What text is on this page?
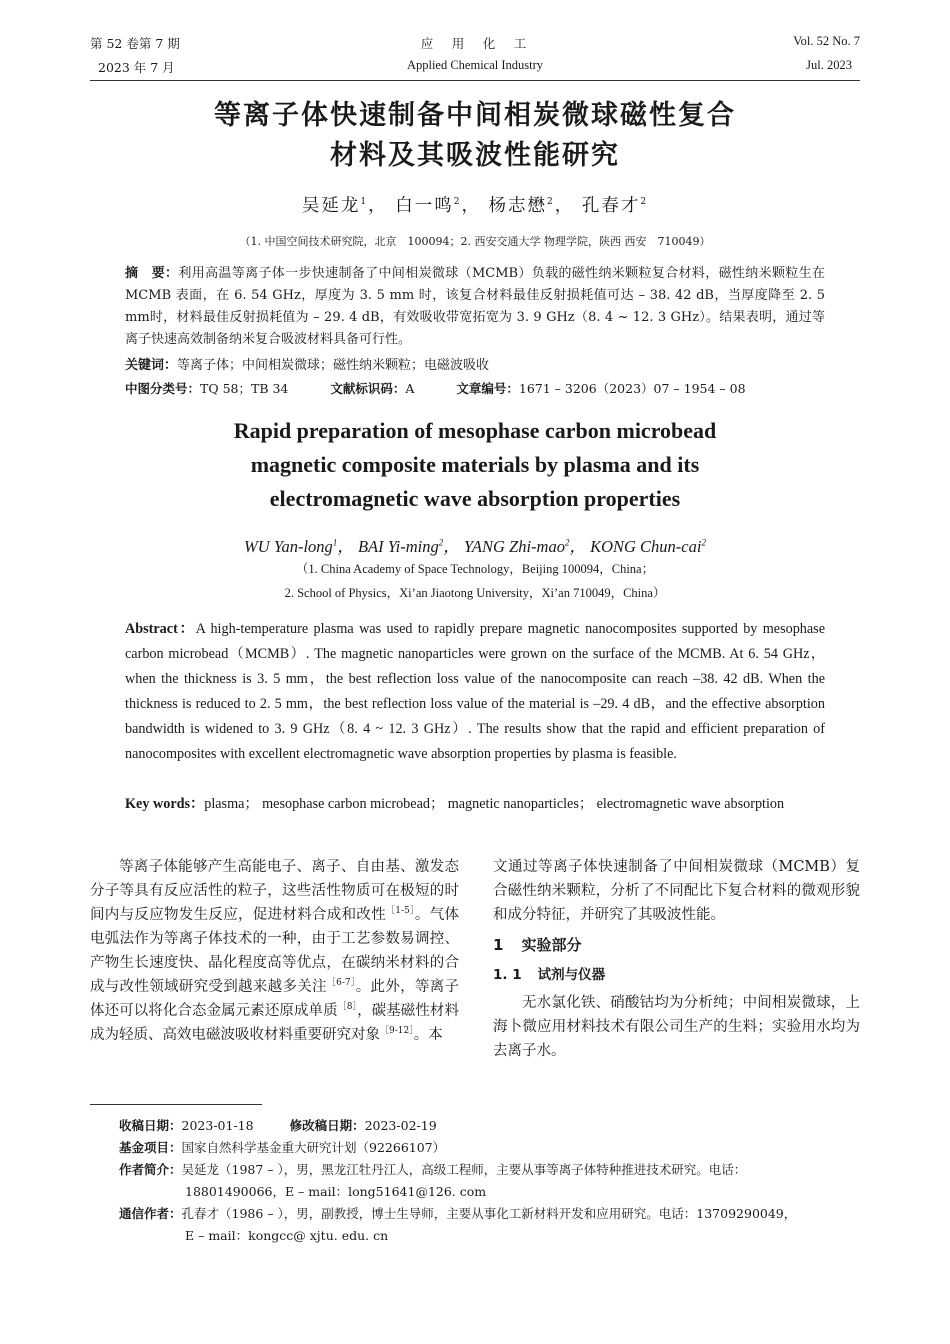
第 52 卷第 7 期
2023 年 7 月
应　用　化　工
Applied Chemical Industry
Vol. 52 No. 7
Jul. 2023
等离子体快速制备中间相炭微球磁性复合
材料及其吸波性能研究
吴延龙$^1$， 白一鸣$^2$， 杨志懋$^2$， 孔春才$^2$
（1. 中国空间技术研究院，北京　100094；2. 西安交通大学 物理学院，陕西 西安　710049）
摘　要：利用高温等离子体一步快速制备了中间相炭微球（MCMB）负载的磁性纳米颗粒复合材料，磁性纳米颗粒生在 MCMB 表面，在 6. 54 GHz，厚度为 3. 5 mm 时，该复合材料最佳反射损耗值可达 – 38. 42 dB，当厚度降至 2. 5 mm时，材料最佳反射损耗值为 – 29. 4 dB，有效吸收带宽拓宽为 3. 9 GHz（8. 4 ~ 12. 3 GHz）。结果表明，通过等离子快速高效制备纳米复合吸波材料具备可行性。
关键词：等离子体；中间相炭微球；磁性纳米颗粒；电磁波吸收
中图分类号：TQ 58；TB 34	文献标识码：A	文章编号：1671 – 3206（2023）07 – 1954 – 08
Rapid preparation of mesophase carbon microbead
magnetic composite materials by plasma and its
electromagnetic wave absorption properties
WU Yan-long$^1$， BAI Yi-ming$^2$， YANG Zhi-mao$^2$， KONG Chun-cai$^2$
（1. China Academy of Space Technology，Beijing 100094，China；
2. School of Physics，Xi’an Jiaotong University，Xi’an 710049，China）
Abstract：A high-temperature plasma was used to rapidly prepare magnetic nanocomposites supported by mesophase carbon microbead（MCMB）. The magnetic nanoparticles were grown on the surface of the MCMB. At 6. 54 GHz，when the thickness is 3. 5 mm，the best reflection loss value of the nanocomposite can reach –38. 42 dB. When the thickness is reduced to 2. 5 mm，the best reflection loss value of the material is –29. 4 dB，and the effective absorption bandwidth is widened to 3. 9 GHz（8. 4 ~ 12. 3 GHz）. The results show that the rapid and efficient preparation of nanocomposites with excellent electromagnetic wave absorption properties by plasma is feasible.
Key words：plasma； mesophase carbon microbead； magnetic nanoparticles； electromagnetic wave absorption

等离子体能够产生高能电子、离子、自由基、激发态分子等具有反应活性的粒子，这些活性物质可在极短的时间内与反应物发生反应，促进材料合成和改性$^{[1-5]}$。气体电弧法作为等离子体技术的一种，由于工艺参数易调控、产物生长速度快、晶化程度高等优点，在碳纳米材料的合成与改性领域研究受到越来越多关注$^{[6-7]}$。此外，等离子体还可以将化合态金属元素还原成单质$^{[8]}$，碳基磁性材料成为轻质、高效电磁波吸收材料重要研究对象$^{[9-12]}$。本

文通过等离子体快速制备了中间相炭微球（MCMB）复合磁性纳米颗粒，分析了不同配比下复合材料的微观形貌和成分特征，并研究了其吸波性能。
1 实验部分
1. 1 试剂与仪器

无水氯化铁、硝酸钴均为分析纯；中间相炭微球，上海卜微应用材料技术有限公司生产的生料；实验用水均为去离子水。

收稿日期：2023-01-18	修改稿日期：2023-02-19
基金项目：国家自然科学基金重大研究计划（92266107）
作者简介：吴延龙（1987 – ），男，黑龙江牡丹江人，高级工程师，主要从事等离子体特种推进技术研究。电话：
18801490066，E – mail：long51641@126. com
通信作者：孔春才（1986 – ），男，副教授，博士生导师，主要从事化工新材料开发和应用研究。电话：13709290049，
E – mail：kongcc@ xjtu. edu. cn
